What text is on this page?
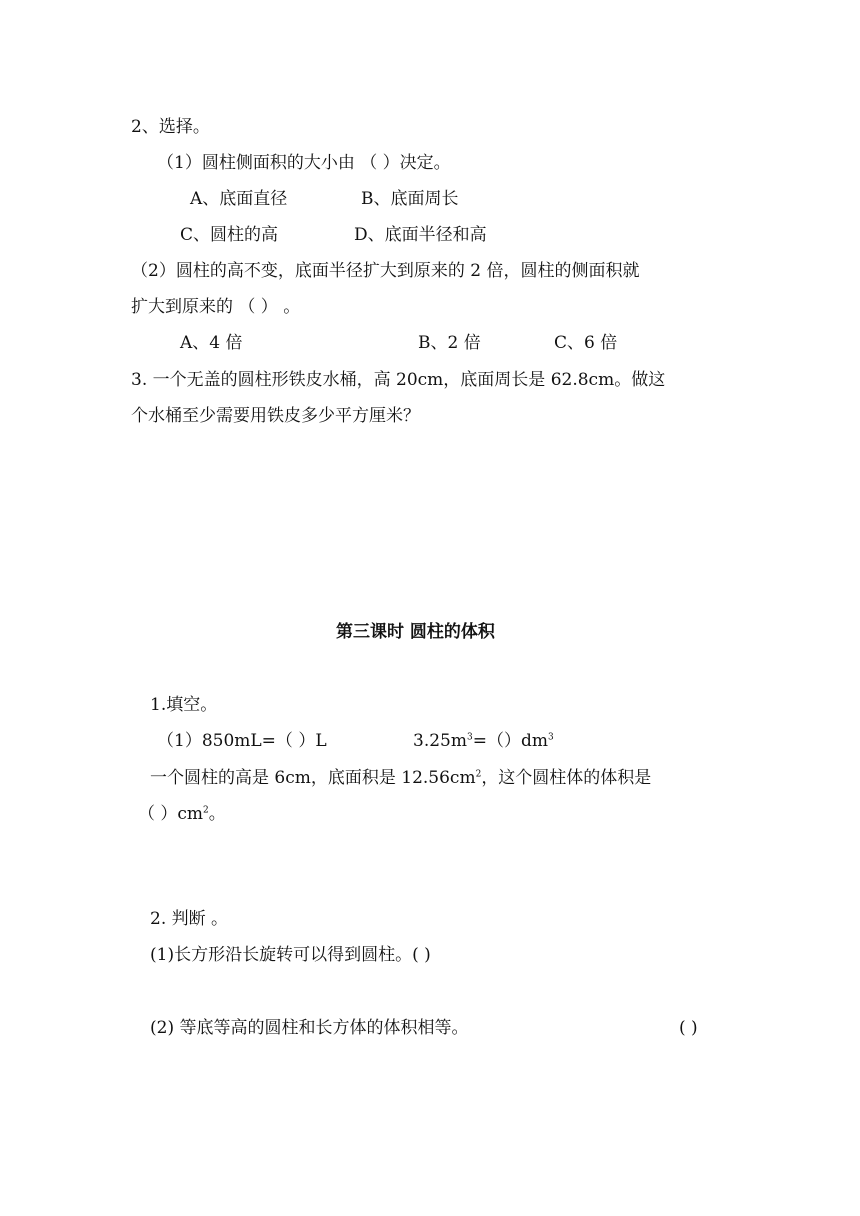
2、选择。
（1）圆柱侧面积的大小由 （ ）决定。
A、底面直径	B、底面周长
C、圆柱的高	D、底面半径和高
（2）圆柱的高不变，底面半径扩大到原来的 2 倍，圆柱的侧面积就
扩大到原来的 （ ） 。
A、4 倍	B、2 倍	C、6 倍
3. 一个无盖的圆柱形铁皮水桶，高 20cm，底面周长是 62.8cm。做这
个水桶至少需要用铁皮多少平方厘米？
第三课时 圆柱的体积
1.填空。
（1）850mL=（ ）L	$3.25m^3=()dm^3$
一个圆柱的高是 6cm，底面积是 $12.56cm^2$，这个圆柱体的体积是
（ ）$cm^2$。
2. 判断 。
(1)长方形沿长旋转可以得到圆柱。( )
(2) 等底等高的圆柱和长方体的体积相等。	( )
